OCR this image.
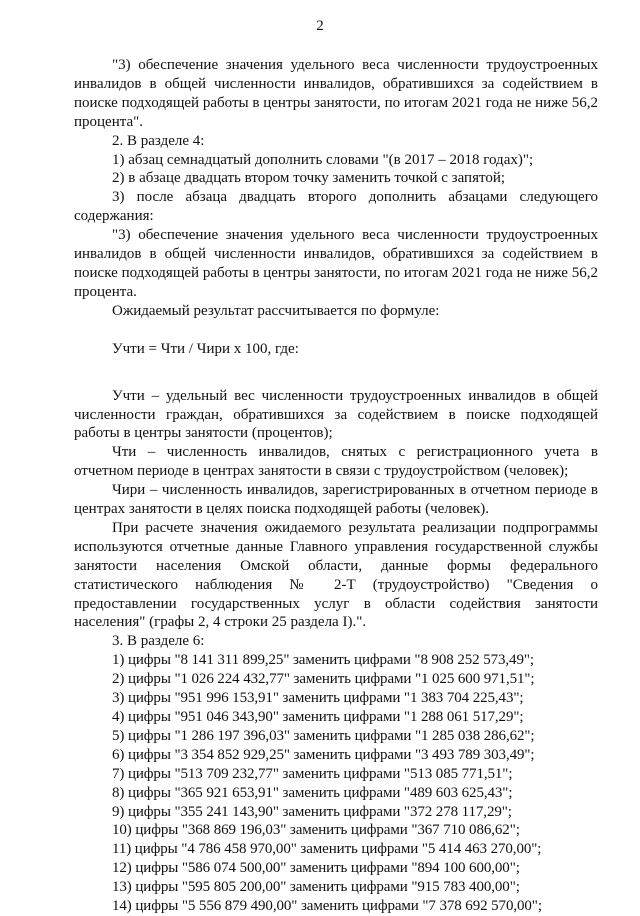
2

"3) обеспечение значения удельного веса численности трудоустроенных инвалидов в общей численности инвалидов, обратившихся за содействием в поиске подходящей работы в центры занятости, по итогам 2021 года не ниже 56,2 процента".

2. В разделе 4:

1) абзац семнадцатый дополнить словами "(в 2017 – 2018 годах)";

2) в абзаце двадцать втором точку заменить точкой с запятой;

3) после абзаца двадцать второго дополнить абзацами следующего содержания:

"3) обеспечение значения удельного веса численности трудоустроенных инвалидов в общей численности инвалидов, обратившихся за содействием в поиске подходящей работы в центры занятости, по итогам 2021 года не ниже 56,2 процента.

Ожидаемый результат рассчитывается по формуле:

Учти = Чти / Чири x 100, где:

Учти – удельный вес численности трудоустроенных инвалидов в общей численности граждан, обратившихся за содействием в поиске подходящей работы в центры занятости (процентов);

Чти – численность инвалидов, снятых с регистрационного учета в отчетном периоде в центрах занятости в связи с трудоустройством (человек);

Чири – численность инвалидов, зарегистрированных в отчетном периоде в центрах занятости в целях поиска подходящей работы (человек).

При расчете значения ожидаемого результата реализации подпрограммы используются отчетные данные Главного управления государственной службы занятости населения Омской области, данные формы федерального статистического наблюдения № 2-Т (трудоустройство) "Сведения о предоставлении государственных услуг в области содействия занятости населения" (графы 2, 4 строки 25 раздела I).".

3. В разделе 6:

1) цифры "8 141 311 899,25" заменить цифрами "8 908 252 573,49";

2) цифры "1 026 224 432,77" заменить цифрами "1 025 600 971,51";

3) цифры "951 996 153,91" заменить цифрами "1 383 704 225,43";

4) цифры "951 046 343,90" заменить цифрами "1 288 061 517,29";

5) цифры "1 286 197 396,03" заменить цифрами "1 285 038 286,62";

6) цифры "3 354 852 929,25" заменить цифрами "3 493 789 303,49";

7) цифры "513 709 232,77" заменить цифрами "513 085 771,51";

8) цифры "365 921 653,91" заменить цифрами "489 603 625,43";

9) цифры "355 241 143,90" заменить цифрами "372 278 117,29";

10) цифры "368 869 196,03" заменить цифрами "367 710 086,62";

11) цифры "4 786 458 970,00" заменить цифрами "5 414 463 270,00";

12) цифры "586 074 500,00" заменить цифрами "894 100 600,00";

13) цифры "595 805 200,00" заменить цифрами "915 783 400,00";

14) цифры "5 556 879 490,00" заменить цифрами "7 378 692 570,00";
